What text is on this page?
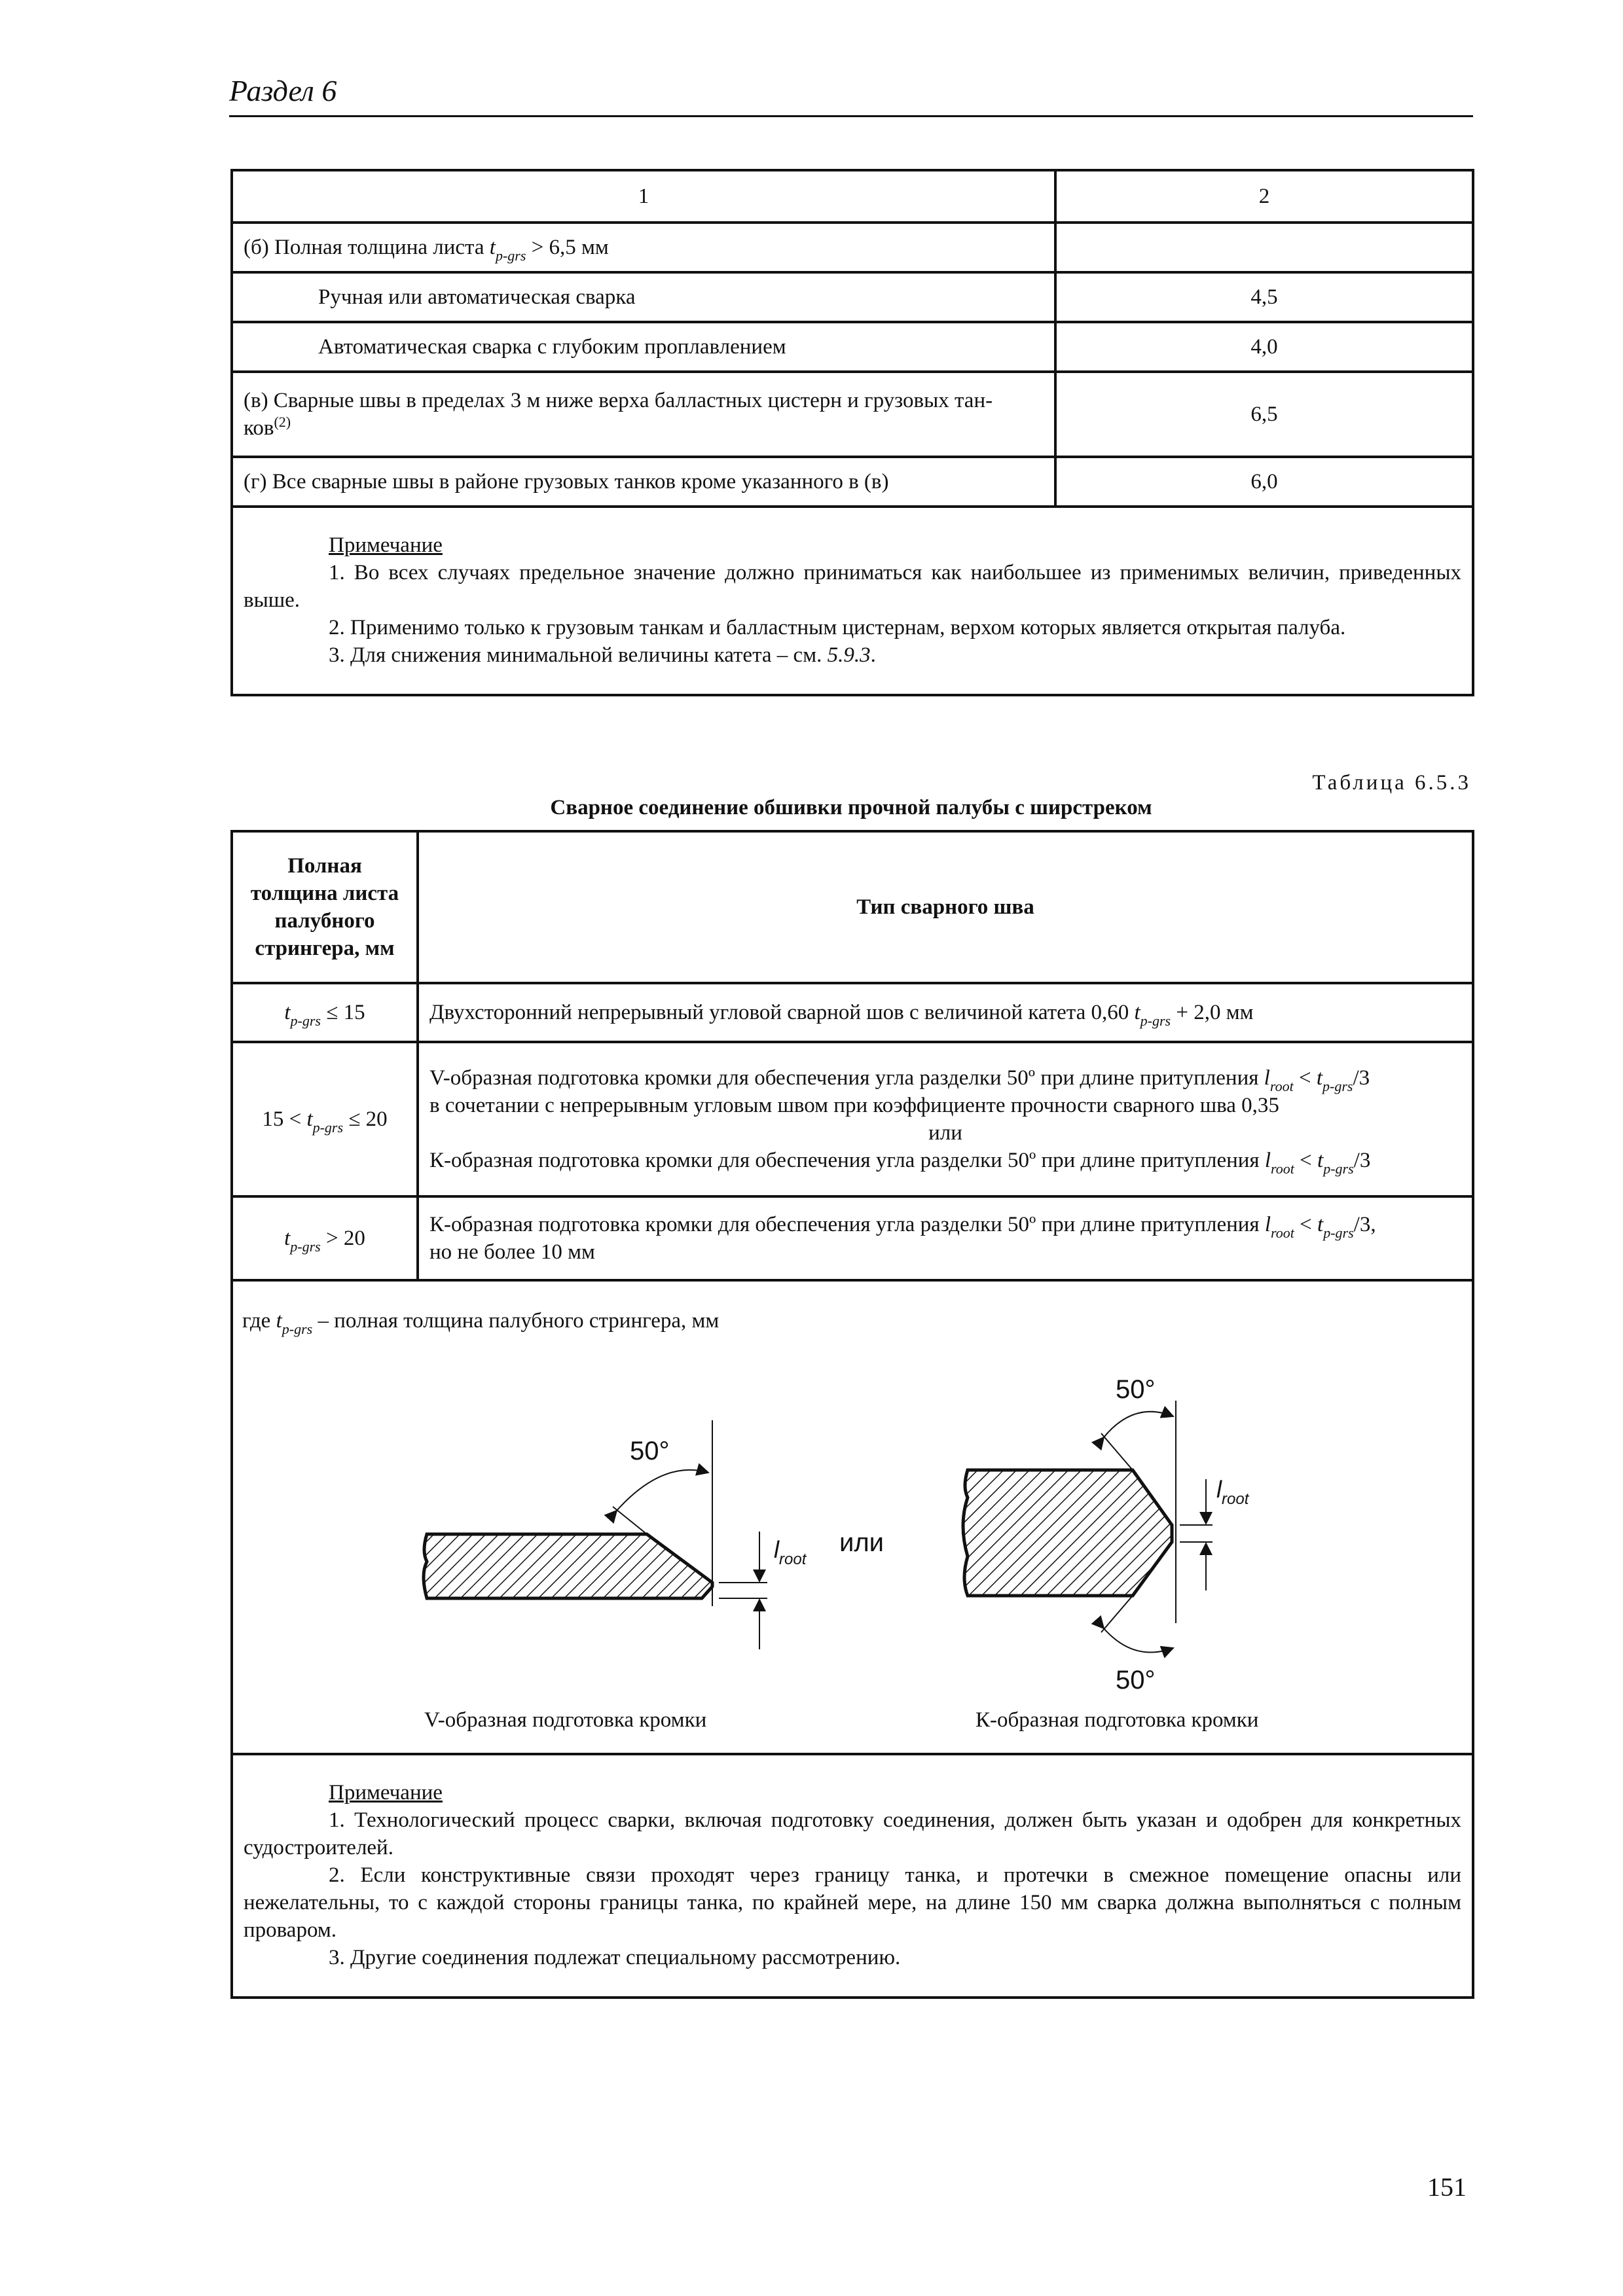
Раздел 6
1	2
(б) Полная толщина листа $t_{p-grs} > 6,5$ мм	
Ручная или автоматическая сварка	4,5
Автоматическая сварка с глубоким проплавлением	4,0
(в) Сварные швы в пределах 3 м ниже верха балластных цистерн и грузовых тан-
ков$^{(2)}$	6,5
(г) Все сварные швы в районе грузовых танков кроме указанного в (в)	6,0

Примечание

1. Во всех случаях предельное значение должно приниматься как наибольшее из применимых величин, приведенных выше.

2. Применимо только к грузовым танкам и балластным цистернам, верхом которых является открытая палуба.

3. Для снижения минимальной величины катета – см. 5.9.3.	

Таблица 6.5.3
Сварное соединение обшивки прочной палубы с ширстреком
Полная толщина листа палубного стрингера, мм	Тип сварного шва
$t_{p-grs} \le 15$	Двухсторонний непрерывный угловой сварной шов с величиной катета 0,60 $t_{p-grs} + 2,0$ мм
$15 < t_{p-grs} \le 20$	V-образная подготовка кромки для обеспечения угла разделки 50º при длине притупления $l_{root} < t_{p-grs}/3$
в сочетании с непрерывным угловым швом при коэффициенте прочности сварного шва 0,35
или
К-образная подготовка кромки для обеспечения угла разделки 50º при длине притупления $l_{root} < t_{p-grs}/3$

$t_{p-grs} > 20$	К-образная подготовка кромки для обеспечения угла разделки 50º при длине притупления $l_{root} < t_{p-grs}/3$,
но не более 10 мм

Примечание

1. Технологический процесс сварки, включая подготовку соединения, должен быть указан и одобрен для конкретных судостроителей.

2. Если конструктивные связи проходят через границу танка, и протечки в смежное помещение опасны или нежелательны, то с каждой стороны границы танка, по крайней мере, на длине 150 мм сварка должна выполняться с полным проваром.

3. Другие соединения подлежат специальному рассмотрению.	

где $t_{p-grs}$ – полная толщина палубного стрингера, мм
50°
$l_{root}$
или
50°
50°
$l_{root}$
V-образная подготовка кромки	К-образная подготовка кромки
151
